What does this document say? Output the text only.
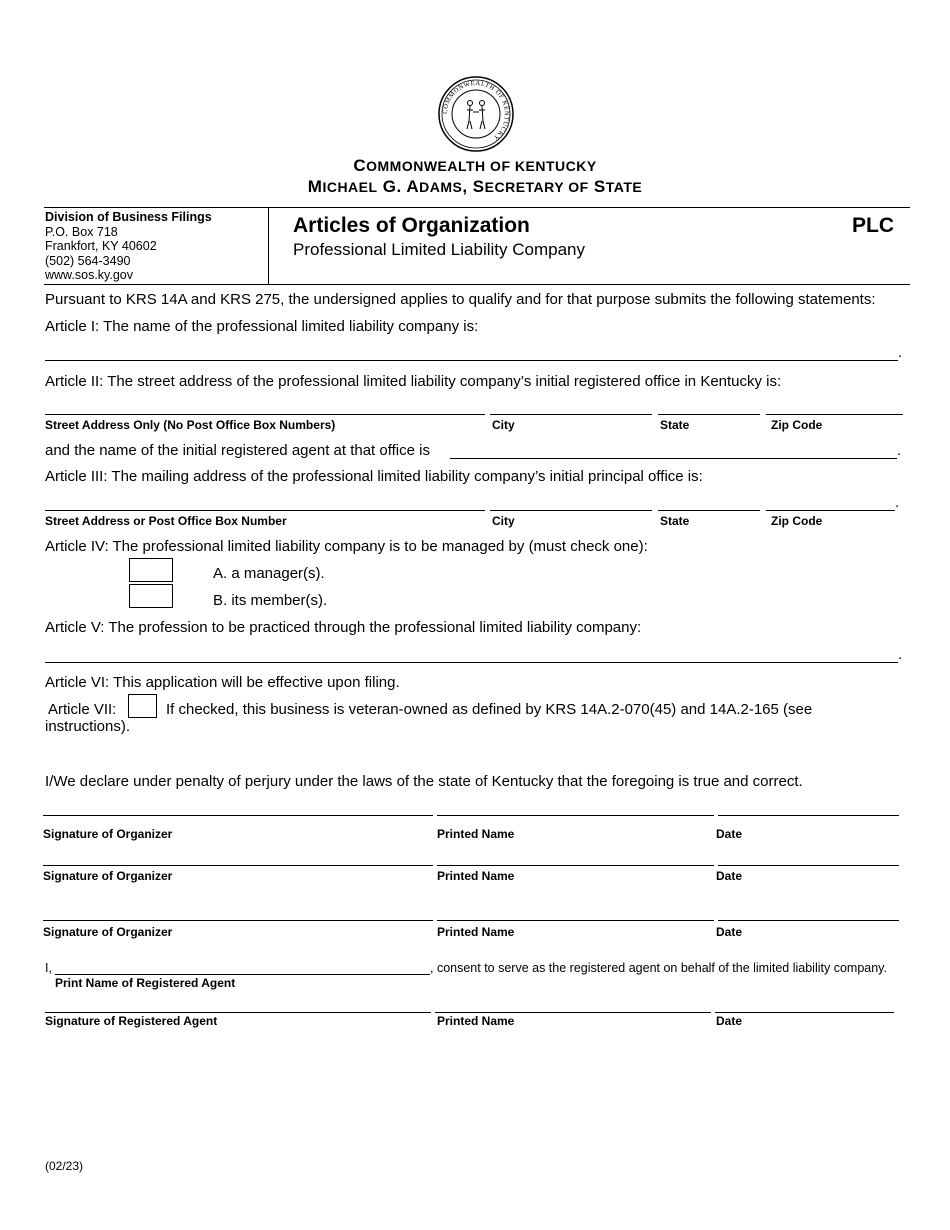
COMMONWEALTH OF KENTUCKY
COMMONWEALTH OF KENTUCKY
MICHAEL G. ADAMS, SECRETARY OF STATE
Division of Business Filings
P.O. Box 718
Frankfort, KY 40602
(502) 564-3490
www.sos.ky.gov
Articles of Organization
Professional Limited Liability Company
PLC
Pursuant to KRS 14A and KRS 275, the undersigned applies to qualify and for that purpose submits the following statements:
Article I: The name of the professional limited liability company is:
.
Article II: The street address of the professional limited liability company’s initial registered office in Kentucky is:
Street Address Only (No Post Office Box Numbers)	City	State	Zip Code
and the name of the initial registered agent at that office is	.
Article III: The mailing address of the professional limited liability company’s initial principal office is:
.
Street Address or Post Office Box Number	City	State	Zip Code
Article IV: The professional limited liability company is to be managed by (must check one):
A. a manager(s).
B. its member(s).
Article V: The profession to be practiced through the professional limited liability company:
.
Article VI: This application will be effective upon filing.
Article VII:	If checked, this business is veteran-owned as defined by KRS 14A.2-070(45) and 14A.2-165 (see
instructions).
I/We declare under penalty of perjury under the laws of the state of Kentucky that the foregoing is true and correct.
Signature of Organizer	Printed Name	Date
Signature of Organizer	Printed Name	Date
Signature of Organizer	Printed Name	Date
I,	, consent to serve as the registered agent on behalf of the limited liability company.
Print Name of Registered Agent
Signature of Registered Agent	Printed Name	Date
(02/23)
